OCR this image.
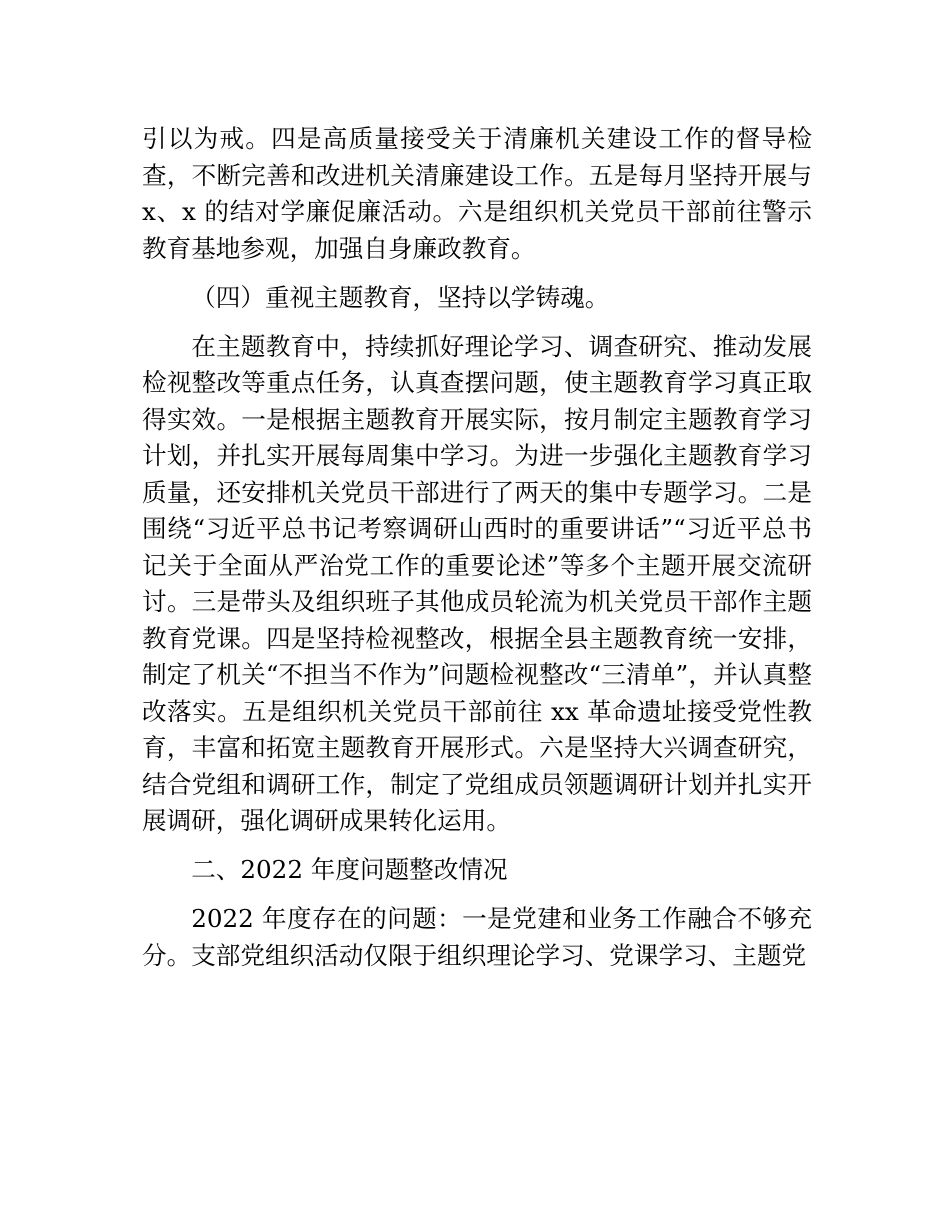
引以为戒。四是高质量接受关于清廉机关建设工作的督导检查，不断完善和改进机关清廉建设工作。五是每月坚持开展与 x、x 的结对学廉促廉活动。六是组织机关党员干部前往警示教育基地参观，加强自身廉政教育。

（四）重视主题教育，坚持以学铸魂。

在主题教育中，持续抓好理论学习、调查研究、推动发展检视整改等重点任务，认真查摆问题，使主题教育学习真正取得实效。一是根据主题教育开展实际，按月制定主题教育学习计划，并扎实开展每周集中学习。为进一步强化主题教育学习质量，还安排机关党员干部进行了两天的集中专题学习。二是围绕“习近平总书记考察调研山西时的重要讲话”“习近平总书记关于全面从严治党工作的重要论述”等多个主题开展交流研讨。三是带头及组织班子其他成员轮流为机关党员干部作主题教育党课。四是坚持检视整改，根据全县主题教育统一安排，制定了机关“不担当不作为”问题检视整改“三清单”，并认真整改落实。五是组织机关党员干部前往 xx 革命遗址接受党性教育，丰富和拓宽主题教育开展形式。六是坚持大兴调查研究，结合党组和调研工作，制定了党组成员领题调研计划并扎实开展调研，强化调研成果转化运用。

二、2022 年度问题整改情况

2022 年度存在的问题：一是党建和业务工作融合不够充分。支部党组织活动仅限于组织理论学习、党课学习、主题党
